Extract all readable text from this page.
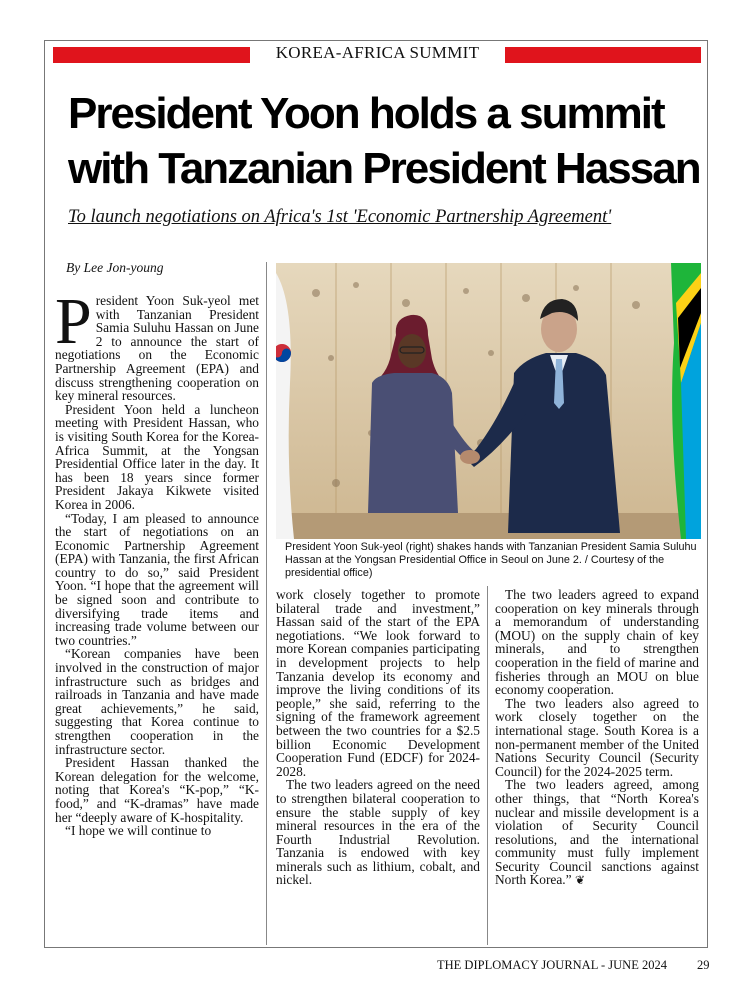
KOREA-AFRICA SUMMIT
President Yoon holds a summit
with Tanzanian President Hassan
To launch negotiations on Africa's 1st 'Economic Partnership Agreement'
By Lee Jon-young
President Yoon Suk-yeol (right) shakes hands with Tanzanian President Samia Suluhu Hassan at the Yongsan Presidential Office in Seoul on June 2. / Courtesy of the presidential office)

President Yoon Suk-yeol met with Tanzanian President Samia Suluhu Hassan on June 2 to announce the start of negotiations on the Economic Partnership Agreement (EPA) and discuss strengthening cooperation on key mineral resources.

President Yoon held a luncheon meeting with President Hassan, who is visiting South Korea for the Korea-Africa Summit, at the Yongsan Presidential Office later in the day. It has been 18 years since former President Jakaya Kikwete visited Korea in 2006.

“Today, I am pleased to announce the start of negotiations on an Economic Partnership Agreement (EPA) with Tanzania, the first African country to do so,” said President Yoon. “I hope that the agreement will be signed soon and contribute to diversifying trade items and increasing trade volume between our two countries.”

“Korean companies have been involved in the construction of major infrastructure such as bridges and railroads in Tanzania and have made great achievements,” he said, suggesting that Korea continue to strengthen cooperation in the infrastructure sector.

President Hassan thanked the Korean delegation for the welcome, noting that Korea's “K-pop,” “K-food,” and “K-dramas” have made her “deeply aware of K-hospitality.

“I hope we will continue to

work closely together to promote bilateral trade and investment,” Hassan said of the start of the EPA negotiations. “We look forward to more Korean companies participating in development projects to help Tanzania develop its economy and improve the living conditions of its people,” she said, referring to the signing of the framework agreement between the two countries for a $2.5 billion Economic Development Cooperation Fund (EDCF) for 2024-2028.

The two leaders agreed on the need to strengthen bilateral cooperation to ensure the stable supply of key mineral resources in the era of the Fourth Industrial Revolution. Tanzania is endowed with key minerals such as lithium, cobalt, and nickel.

The two leaders agreed to expand cooperation on key minerals through a memorandum of understanding (MOU) on the supply chain of key minerals, and to strengthen cooperation in the field of marine and fisheries through an MOU on blue economy cooperation.

The two leaders also agreed to work closely together on the international stage. South Korea is a non-permanent member of the United Nations Security Council (Security Council) for the 2024-2025 term.

The two leaders agreed, among other things, that “North Korea's nuclear and missile development is a violation of Security Council resolutions, and the international community must fully implement Security Council sanctions against North Korea.” ❦

THE DIPLOMACY JOURNAL - JUNE 2024 29
